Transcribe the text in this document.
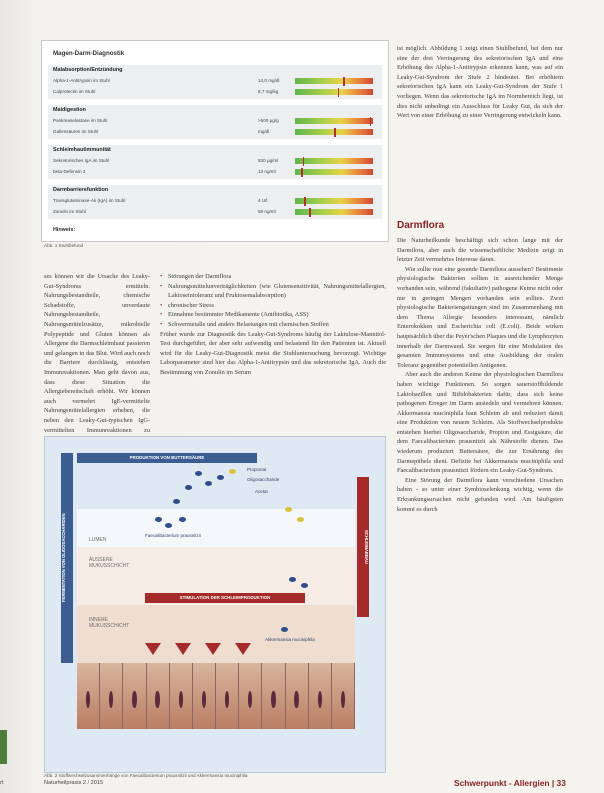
Magen-Darm-Diagnostik
Malabsorption/Entzündung
Alpha-1-Antitrypsin im Stuhl	14,0 mg/dl
Calprotectin im Stuhl	8,7 mg/kg
Maldigestion
Pankreaselastase im Stuhl	>500 µg/g
Gallensäuren im Stuhl	mg/dl
Schleimhautimmunität
Sekretorisches IgA im Stuhl	830 µg/ml
beta-Defensin 2	13 ng/ml
Darmbarrierefunktion
Transglutaminase-Ak (IgA) im Stuhl	4 U/l
Zonulin im Stuhl	58 ng/ml
Hinweis:
Abb. 1 Stuhlbefund

ses können wir die Ursache des Leaky-Gut-Syndroms ermitteln. Nahrungsbestandteile, chemische Schadstoffe, unverdaute Nahrungsbestandteile, Nahrungsmittelzusätze, mikrobielle Polypeptide und Gluten können als Allergene die Darmschleimhaut passieren und gelangen in das Blut. Wird auch noch die Barriere durchlässig, entstehen Immunreaktionen. Man geht davon aus, dass diese Situation die Allergiebereitschaft erhöht. Wir können auch vermehrt IgE-vermittelte Nahrungsmittelallergien erheben, die neben den Leaky-Gut-typischen IgG-vermittelten Immunreaktionen zu

• Störungen der Darmflora
• Nahrungsmittelunverträglichkeiten (wie Glutensensitivität, Nahrungsmittelallergien, Laktoseintoleranz und Fruktosemalabsorption)
• chronischer Stress
• Einnahme bestimmter Medikamente (Antibiotika, ASS)
• Schwermetalle und andere Belastungen mit chemischen Stoffen

Früher wurde zur Diagnostik des Leaky-Gut-Syndroms häufig der Laktulose-Mannitol-Test durchgeführt, der aber sehr aufwendig und belastend für den Patienten ist. Aktuell wird für die Leaky-Gut-Diagnostik meist die Stuhluntersuchung bevorzugt. Wichtige Laborparameter sind hier das Alpha-1-Antitrypsin und das sekretorische IgA. Auch die Bestimmung von Zonulin im Serum

ist möglich. Abbildung 1 zeigt einen Stuhlbefund, bei dem nur eine der drei Verringerung des sekretorischen IgA und eine Erhöhung des Alpha-1-Antitrypsin erkennen kann, was auf ein Leaky-Gut-Syndrom der Stufe 2 hindeutet. Bei erhöhtem sekretorischen IgA kann ein Leaky-Gut-Syndrom der Stufe 1 vorliegen. Wenn das sekretorische IgA im Normbereich liegt, ist dies nicht unbedingt ein Ausschluss für Leaky Gut, da sich der Wert von einer Erhöhung zu einer Verringerung entwickeln kann.

Darmflora

Die Naturheilkunde beschäftigt sich schon lange mit der Darmflora, aber auch die wissenschaftliche Medizin zeigt in letzter Zeit vermehrtes Interesse daran.

Wie sollte nun eine gesunde Darmflora aussehen? Bestimmte physiologische Bakterien sollten in ausreichender Menge vorhanden sein, während (fakultativ) pathogene Keime nicht oder nur in geringen Mengen vorhanden sein sollten. Zwei physiologische Bakteriengattungen sind im Zusammenhang mit dem Thema Allergie besonders interessant, nämlich Enterokokken und Escherichia coli (E.coli). Beide wirken hauptsächlich über die Peyer'schen Plaques und die Lymphozyten innerhalb der Darmwand. Sie sorgen für eine Modulation des gesamten Immunsystems und eine Ausbildung der oralen Toleranz gegenüber potentiellen Antigenen.

Aber auch die anderen Keime der physiologischen Darmflora haben wichtige Funktionen. So sorgen sauerstoffbildende Laktobazillen und Bifidobakterien dafür, dass sich keine pathogenen Erreger im Darm ansiedeln und vermehren können. Akkermansia muciniphila baut Schleim ab und reduziert damit eine Produktion von neuem Schleim. Als Stoffwechselprodukte entstehen hierbei Oligosaccharide, Propion und Essigsäure, die dem Faecalibacterium prausnitzii als Nährstoffe dienen. Das wiederum produziert Buttersäure, die zur Ernährung des Darmepithels dient. Defizite bei Akkermansia muciniphila und Faecalibacterium prausnitzii fördern ein Leaky-Gut-Syndrom.

Eine Störung der Darmflora kann verschiedene Ursachen haben - so unter einer Symbioselenkung wichtig, wenn die Erkrankungsursachen nicht gefunden wird. Am häufigsten kommt es durch

PRODUKTION VON BUTTERSÄURE
LUMEN
ÄUSSERE MUKUSSCHICHT
INNERE MUKUSSCHICHT
STIMULATION DER SCHLEIMPRODUKTION
FERMENTATION VON OLIGOSACCHARIDEN	SCHLEIMABBAU
Propionat
Oligosaccharide
Acetat
Faecalibacterium prausnitzii
Akkermansia muciniphila
Abb. 2 Stoffwechselzusammenhänge von Faecalibacterium prausnitzii und Akkermansia muciniphila
rt	Naturheilpraxis 2 / 2015	Schwerpunkt - Allergien | 33
